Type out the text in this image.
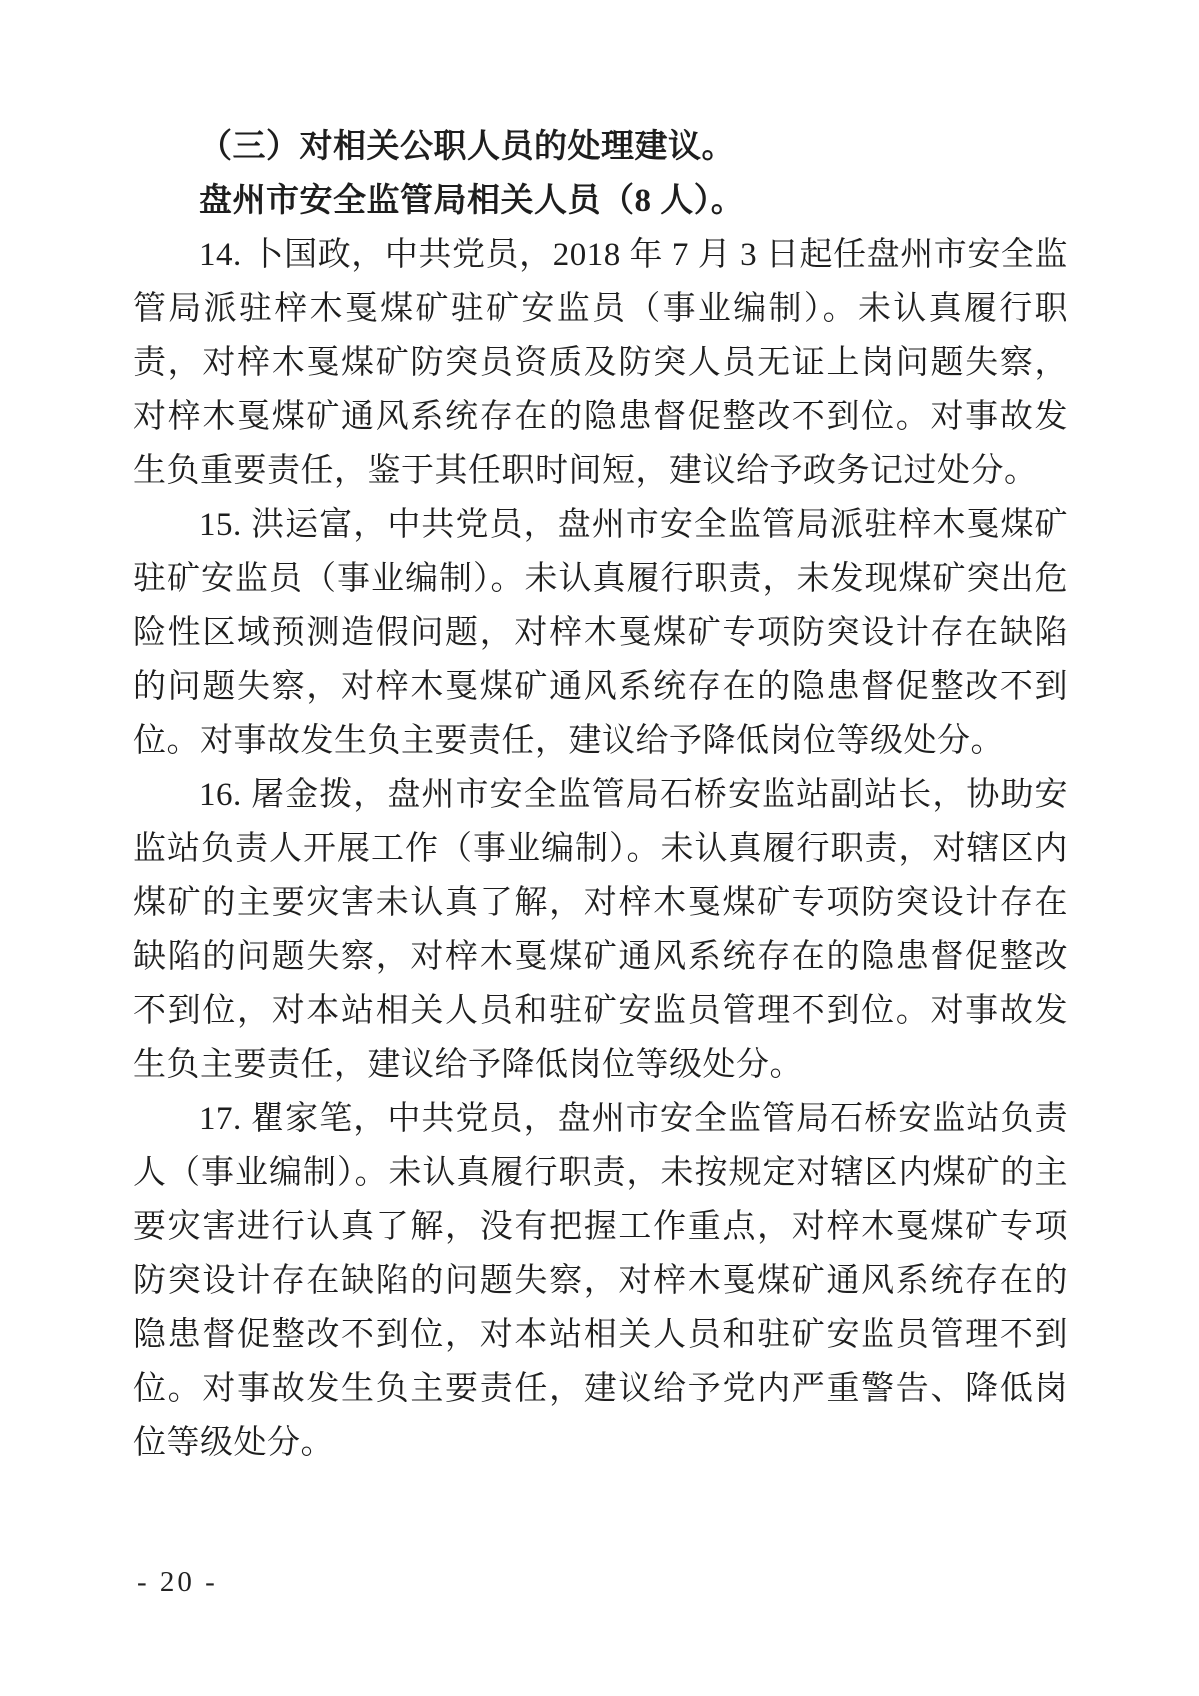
（三）对相关公职人员的处理建议。

盘州市安全监管局相关人员（8 人）。

14. 卜国政，中共党员，2018 年 7 月 3 日起任盘州市安全监管局派驻梓木戛煤矿驻矿安监员（事业编制）。未认真履行职责，对梓木戛煤矿防突员资质及防突人员无证上岗问题失察，对梓木戛煤矿通风系统存在的隐患督促整改不到位。对事故发生负重要责任，鉴于其任职时间短，建议给予政务记过处分。

15. 洪运富，中共党员，盘州市安全监管局派驻梓木戛煤矿驻矿安监员（事业编制）。未认真履行职责，未发现煤矿突出危险性区域预测造假问题，对梓木戛煤矿专项防突设计存在缺陷的问题失察，对梓木戛煤矿通风系统存在的隐患督促整改不到位。对事故发生负主要责任，建议给予降低岗位等级处分。

16. 屠金拨，盘州市安全监管局石桥安监站副站长，协助安监站负责人开展工作（事业编制）。未认真履行职责，对辖区内煤矿的主要灾害未认真了解，对梓木戛煤矿专项防突设计存在缺陷的问题失察，对梓木戛煤矿通风系统存在的隐患督促整改不到位，对本站相关人员和驻矿安监员管理不到位。对事故发生负主要责任，建议给予降低岗位等级处分。

17. 瞿家笔，中共党员，盘州市安全监管局石桥安监站负责人（事业编制）。未认真履行职责，未按规定对辖区内煤矿的主要灾害进行认真了解，没有把握工作重点，对梓木戛煤矿专项防突设计存在缺陷的问题失察，对梓木戛煤矿通风系统存在的隐患督促整改不到位，对本站相关人员和驻矿安监员管理不到位。对事故发生负主要责任，建议给予党内严重警告、降低岗位等级处分。

- 20 -
